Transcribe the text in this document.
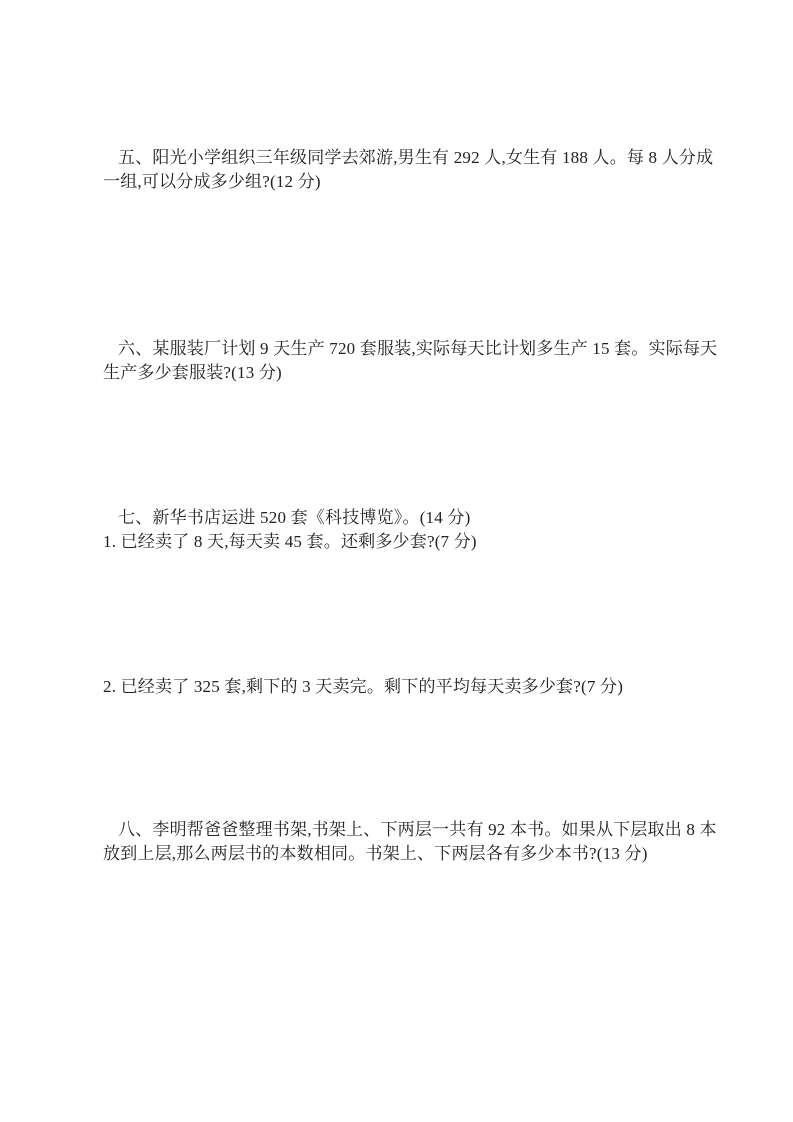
五、阳光小学组织三年级同学去郊游,男生有 292 人,女生有 188 人。每 8 人分成
一组,可以分成多少组?(12 分)
六、某服装厂计划 9 天生产 720 套服装,实际每天比计划多生产 15 套。实际每天
生产多少套服装?(13 分)
七、新华书店运进 520 套《科技博览》。(14 分)
1. 已经卖了 8 天,每天卖 45 套。还剩多少套?(7 分)
2. 已经卖了 325 套,剩下的 3 天卖完。剩下的平均每天卖多少套?(7 分)
八、李明帮爸爸整理书架,书架上、下两层一共有 92 本书。如果从下层取出 8 本
放到上层,那么两层书的本数相同。书架上、下两层各有多少本书?(13 分)
